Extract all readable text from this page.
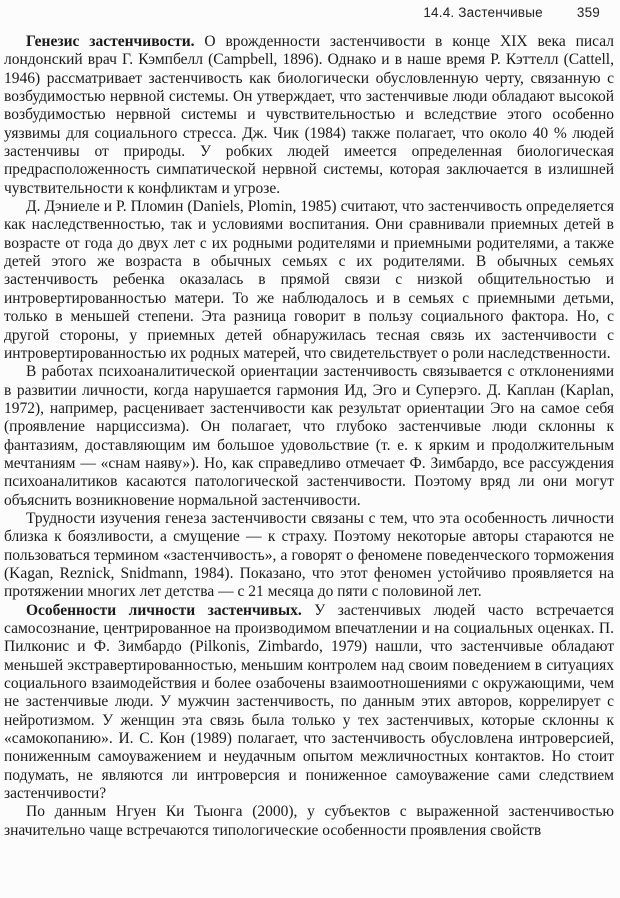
14.4. Застенчивые	359

Генезис застенчивости. О врожденности застенчивости в конце XIX века писал лондонский врач Г. Кэмпбелл (Campbell, 1896). Однако и в наше время Р. Кэттелл (Cattell, 1946) рассматривает застенчивость как биологически обусловленную черту, связанную с возбудимостью нервной системы. Он утверждает, что застенчивые люди обладают высокой возбудимостью нервной системы и чувствительностью и вследствие этого особенно уязвимы для социального стресса. Дж. Чик (1984) также полагает, что около 40 % людей застенчивы от природы. У робких людей имеется определенная биологическая предрасположенность симпатической нервной системы, которая заключается в излишней чувствительности к конфликтам и угрозе.

Д. Дэниеле и Р. Пломин (Daniels, Plomin, 1985) считают, что застенчивость определяется как наследственностью, так и условиями воспитания. Они сравнивали приемных детей в возрасте от года до двух лет с их родными родителями и приемными родителями, а также детей этого же возраста в обычных семьях с их родителями. В обычных семьях застенчивость ребенка оказалась в прямой связи с низкой общительностью и интровертированностью матери. То же наблюдалось и в семьях с приемными детьми, только в меньшей степени. Эта разница говорит в пользу социального фактора. Но, с другой стороны, у приемных детей обнаружилась тесная связь их застенчивости с интровертированностью их родных матерей, что свидетельствует о роли наследственности.

В работах психоаналитической ориентации застенчивость связывается с отклонениями в развитии личности, когда нарушается гармония Ид, Эго и Суперэго. Д. Каплан (Kaplan, 1972), например, расценивает застенчивости как результат ориентации Эго на самое себя (проявление нарциссизма). Он полагает, что глубоко застенчивые люди склонны к фантазиям, доставляющим им большое удовольствие (т. е. к ярким и продолжительным мечтаниям — «снам наяву»). Но, как справедливо отмечает Ф. Зимбардо, все рассуждения психоаналитиков касаются патологической застенчивости. Поэтому вряд ли они могут объяснить возникновение нормальной застенчивости.

Трудности изучения генеза застенчивости связаны с тем, что эта особенность личности близка к боязливости, а смущение — к страху. Поэтому некоторые авторы стараются не пользоваться термином «застенчивость», а говорят о феномене поведенческого торможения (Kagan, Reznick, Snidmann, 1984). Показано, что этот феномен устойчиво проявляется на протяжении многих лет детства — с 21 месяца до пяти с половиной лет.

Особенности личности застенчивых. У застенчивых людей часто встречается самосознание, центрированное на производимом впечатлении и на социальных оценках. П. Пилконис и Ф. Зимбардо (Pilkonis, Zimbardo, 1979) нашли, что застенчивые обладают меньшей экстравертированностью, меньшим контролем над своим поведением в ситуациях социального взаимодействия и более озабочены взаимоотношениями с окружающими, чем не застенчивые люди. У мужчин застенчивость, по данным этих авторов, коррелирует с нейротизмом. У женщин эта связь была только у тех застенчивых, которые склонны к «самокопанию». И. С. Кон (1989) полагает, что застенчивость обусловлена интроверсией, пониженным самоуважением и неудачным опытом межличностных контактов. Но стоит подумать, не являются ли интроверсия и пониженное самоуважение сами следствием застенчивости?

По данным Нгуен Ки Тыонга (2000), у субъектов с выраженной застенчивостью значительно чаще встречаются типологические особенности проявления свойств
